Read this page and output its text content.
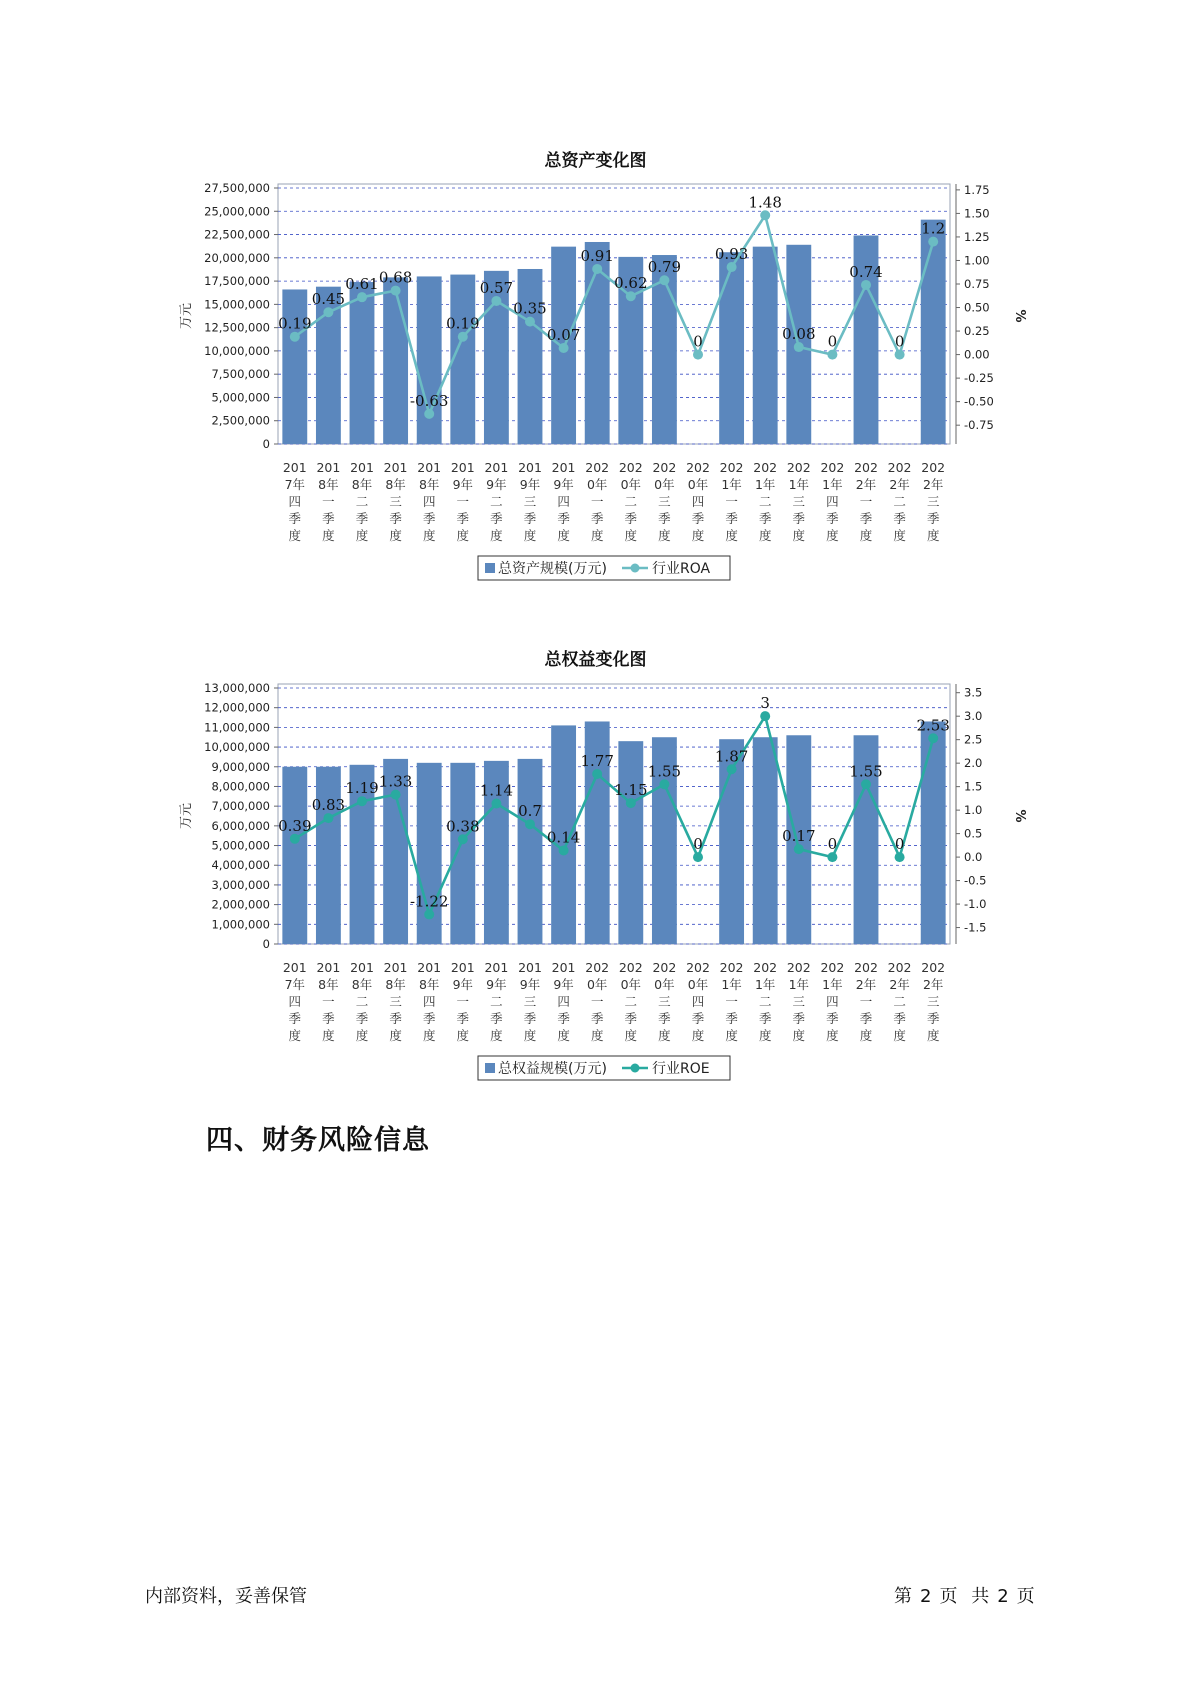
总资产变化图
0
2,500,000
5,000,000
7,500,000
10,000,000
12,500,000
15,000,000
17,500,000
20,000,000
22,500,000
25,000,000
27,500,000
-0.75
-0.50
-0.25
0.00
0.25
0.50
0.75
1.00
1.25
1.50
1.75
万元	%
0.19
0.45
0.61 0.68
-0.63
0.19
0.57
0.35
0.07
0.91
0.62
0.79
0
0.93
1.48
0.08 0
0.74
0
1.2
201
7年
四
季
度
201
8年
一
季
度
201
8年
二
季
度
201
8年
三
季
度
201
8年
四
季
度
201
9年
一
季
度
201
9年
二
季
度
201
9年
三
季
度
201
9年
四
季
度
202
0年
一
季
度
202
0年
二
季
度
202
0年
三
季
度
202
0年
四
季
度
202
1年
一
季
度
202
1年
二
季
度
202
1年
三
季
度
202
1年
四
季
度
202
2年
一
季
度
202
2年
二
季
度
202
2年
三
季
度
总资产规模(万元)	行业ROA
总权益变化图
0
1,000,000
2,000,000
3,000,000
4,000,000
5,000,000
6,000,000
7,000,000
8,000,000
9,000,000
10,000,000
11,000,000
12,000,000
13,000,000
-1.5
-1.0
-0.5
0.0
0.5
1.0
1.5
2.0
2.5
3.0
3.5
万元	%
0.39
0.83
1.19 1.33
-1.22
0.38
1.14
0.7
0.14
1.77
1.15
1.55
0
1.87
3
0.17 0
1.55
0
2.53
201
7年
四
季
度
201
8年
一
季
度
201
8年
二
季
度
201
8年
三
季
度
201
8年
四
季
度
201
9年
一
季
度
201
9年
二
季
度
201
9年
三
季
度
201
9年
四
季
度
202
0年
一
季
度
202
0年
二
季
度
202
0年
三
季
度
202
0年
四
季
度
202
1年
一
季
度
202
1年
二
季
度
202
1年
三
季
度
202
1年
四
季
度
202
2年
一
季
度
202
2年
二
季
度
202
2年
三
季
度
总权益规模(万元)	行业ROE
四、财务风险信息
内部资料，妥善保管	第 2 页 共 2 页
